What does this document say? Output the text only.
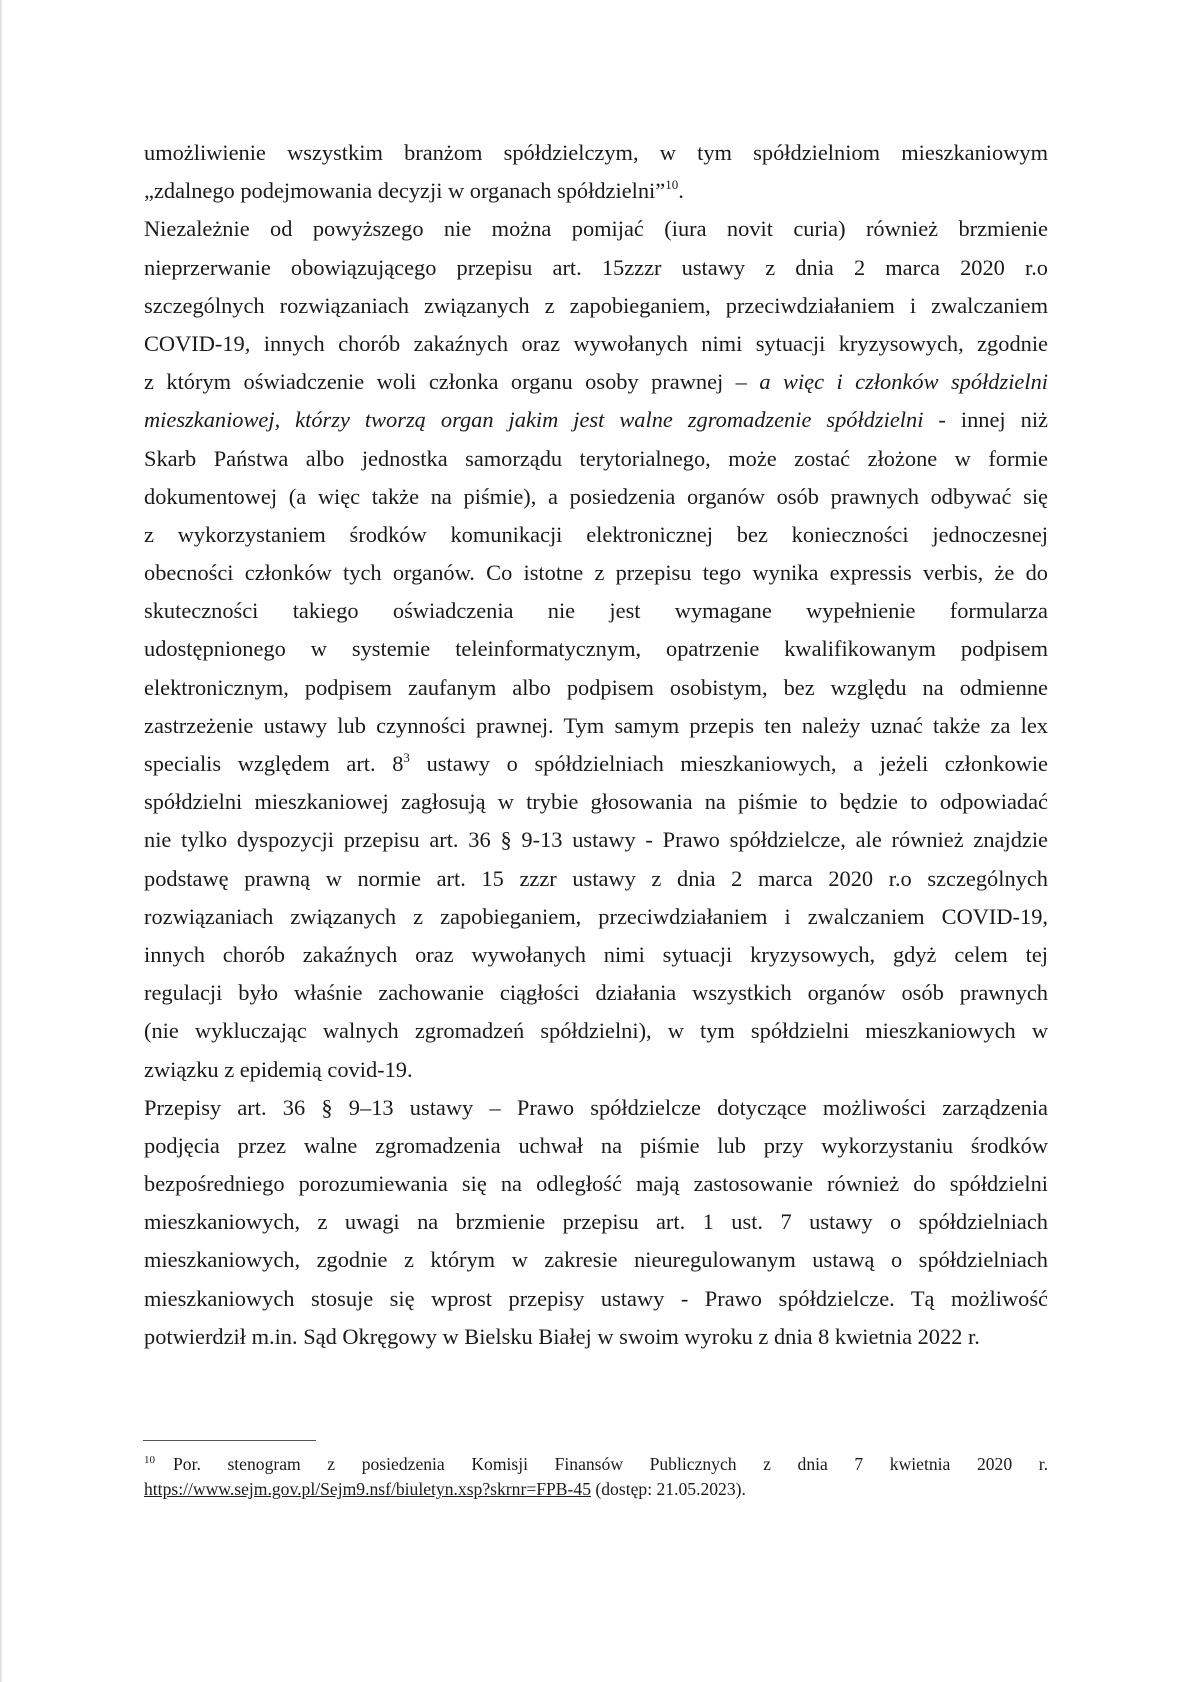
umożliwienie wszystkim branżom spółdzielczym, w tym spółdzielniom mieszkaniowym
„zdalnego podejmowania decyzji w organach spółdzielni”$^{10}$.
Niezależnie od powyższego nie można pomijać (iura novit curia) również brzmienie
nieprzerwanie obowiązującego przepisu art. 15zzzr ustawy z dnia 2 marca 2020 r.o
szczególnych rozwiązaniach związanych z zapobieganiem, przeciwdziałaniem i zwalczaniem
COVID-19, innych chorób zakaźnych oraz wywołanych nimi sytuacji kryzysowych, zgodnie
z którym oświadczenie woli członka organu osoby prawnej – a więc i członków spółdzielni
mieszkaniowej, którzy tworzą organ jakim jest walne zgromadzenie spółdzielni - innej niż
Skarb Państwa albo jednostka samorządu terytorialnego, może zostać złożone w formie
dokumentowej (a więc także na piśmie), a posiedzenia organów osób prawnych odbywać się
z wykorzystaniem środków komunikacji elektronicznej bez konieczności jednoczesnej
obecności członków tych organów. Co istotne z przepisu tego wynika expressis verbis, że do
skuteczności takiego oświadczenia nie jest wymagane wypełnienie formularza
udostępnionego w systemie teleinformatycznym, opatrzenie kwalifikowanym podpisem
elektronicznym, podpisem zaufanym albo podpisem osobistym, bez względu na odmienne
zastrzeżenie ustawy lub czynności prawnej. Tym samym przepis ten należy uznać także za lex
specialis względem art. $8^3$ ustawy o spółdzielniach mieszkaniowych, a jeżeli członkowie
spółdzielni mieszkaniowej zagłosują w trybie głosowania na piśmie to będzie to odpowiadać
nie tylko dyspozycji przepisu art. 36 § 9-13 ustawy - Prawo spółdzielcze, ale również znajdzie
podstawę prawną w normie art. 15 zzzr ustawy z dnia 2 marca 2020 r.o szczególnych
rozwiązaniach związanych z zapobieganiem, przeciwdziałaniem i zwalczaniem COVID-19,
innych chorób zakaźnych oraz wywołanych nimi sytuacji kryzysowych, gdyż celem tej
regulacji było właśnie zachowanie ciągłości działania wszystkich organów osób prawnych
(nie wykluczając walnych zgromadzeń spółdzielni), w tym spółdzielni mieszkaniowych w
związku z epidemią covid-19.
Przepisy art. 36 § 9–13 ustawy – Prawo spółdzielcze dotyczące możliwości zarządzenia
podjęcia przez walne zgromadzenia uchwał na piśmie lub przy wykorzystaniu środków
bezpośredniego porozumiewania się na odległość mają zastosowanie również do spółdzielni
mieszkaniowych, z uwagi na brzmienie przepisu art. 1 ust. 7 ustawy o spółdzielniach
mieszkaniowych, zgodnie z którym w zakresie nieuregulowanym ustawą o spółdzielniach
mieszkaniowych stosuje się wprost przepisy ustawy - Prawo spółdzielcze. Tą możliwość
potwierdził m.in. Sąd Okręgowy w Bielsku Białej w swoim wyroku z dnia 8 kwietnia 2022 r.
$^{10}$ Por. stenogram z posiedzenia Komisji Finansów Publicznych z dnia 7 kwietnia 2020 r.
https://www.sejm.gov.pl/Sejm9.nsf/biuletyn.xsp?skrnr=FPB-45 (dostęp: 21.05.2023).
